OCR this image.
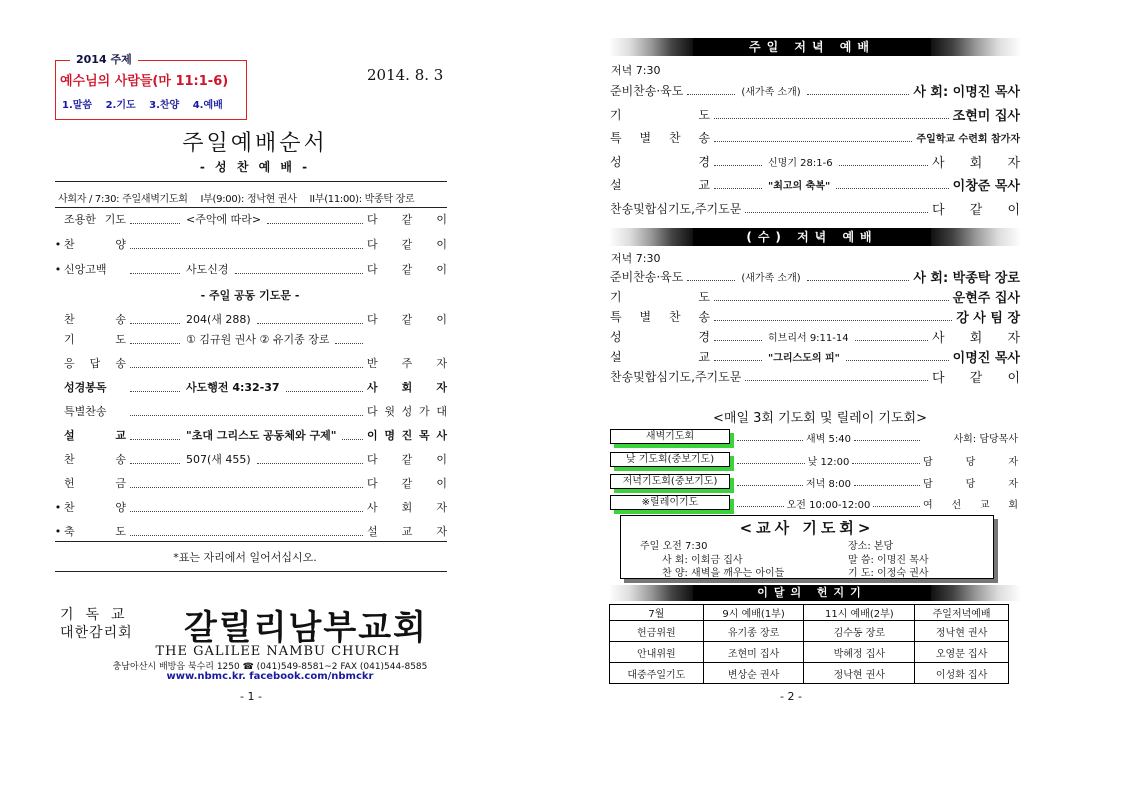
2014 주제
예수님의 사람들(마 11:1-6)
1.말씀 2.기도 3.찬양 4.예배
2014. 8. 3
주일예배순서
- 성 찬 예 배 -
사회자 / 7:30: 주일새벽기도회 I부(9:00): 정낙현 권사 II부(11:00): 박종탁 장로
조용한 기도	<주악에 따라>	다 같 이
• 찬	양	다 같 이
• 신앙고백	사도신경	다 같 이
찬	송	204(새 288)	다 같 이
기	도	① 김규원 권사 ② 유기종 장로
응 답 송	반 주 자
성경봉독	사도행전 4:32-37	사 회 자
특별찬송	다 윗 성 가 대
설	교	"초대 그리스도 공동체와 구제"	이 명 진 목 사
찬	송	507(새 455)	다 같 이
헌	금	다 같 이
• 찬	양	사 회 자
• 축	도	설 교 자
- 주일 공동 기도문 -
*표는 자리에서 일어서십시오.
기독교
대한감리회 갈릴리남부교회
THE GALILEE NAMBU CHURCH
충남아산시 배방읍 북수리 1250 ☎ (041)549-8581~2 FAX (041)544-8585
www.nbmc.kr. facebook.com/nbmckr
- 1 -
주일 저녁 예배
저녁 7:30
준비찬송·육도	(새가족 소개)	사 회: 이명진 목사
기	도	조현미 집사
특 별 찬 송	주일학교 수련회 참가자
성	경	신명기 28:1-6	사 회 자
설	교	"최고의 축복"	이창준 목사
찬송및합심기도,주기도문	다 같 이
(수) 저녁 예배
저녁 7:30
준비찬송·육도	(새가족 소개)	사 회: 박종탁 장로
기	도	운현주 집사
특 별 찬 송	강 사 팀 장
성	경	히브리서 9:11-14	사 회 자
설	교	"그리스도의 피"	이명진 목사
찬송및합심기도,주기도문	다 같 이
<매일 3회 기도회 및 릴레이 기도회>
새벽기도회	새벽 5:40	사회: 담당목사
낮 기도회(중보기도)	낮 12:00	담	당	자
저녁기도회(중보기도)	저녁 8:00	담	당	자
※릴레이기도	오전 10:00-12:00	여 선 교 회
<교사 기도회>
주일 오전 7:30	장소: 본당
사 회: 이회금 집사	말 씀: 이명진 목사
찬 양: 새벽을 깨우는 아이들	기 도: 이정숙 권사
이달의 헌지기
7월	9시 예배(1부)	11시 예배(2부)	주일저녁예배
헌금위원	유기종 장로	김수동 장로	정낙현 권사
안내위원	조현미 집사	박혜정 집사	오영문 집사
대중주일기도	변상순 권사	정낙현 권사	이성화 집사
- 2 -
